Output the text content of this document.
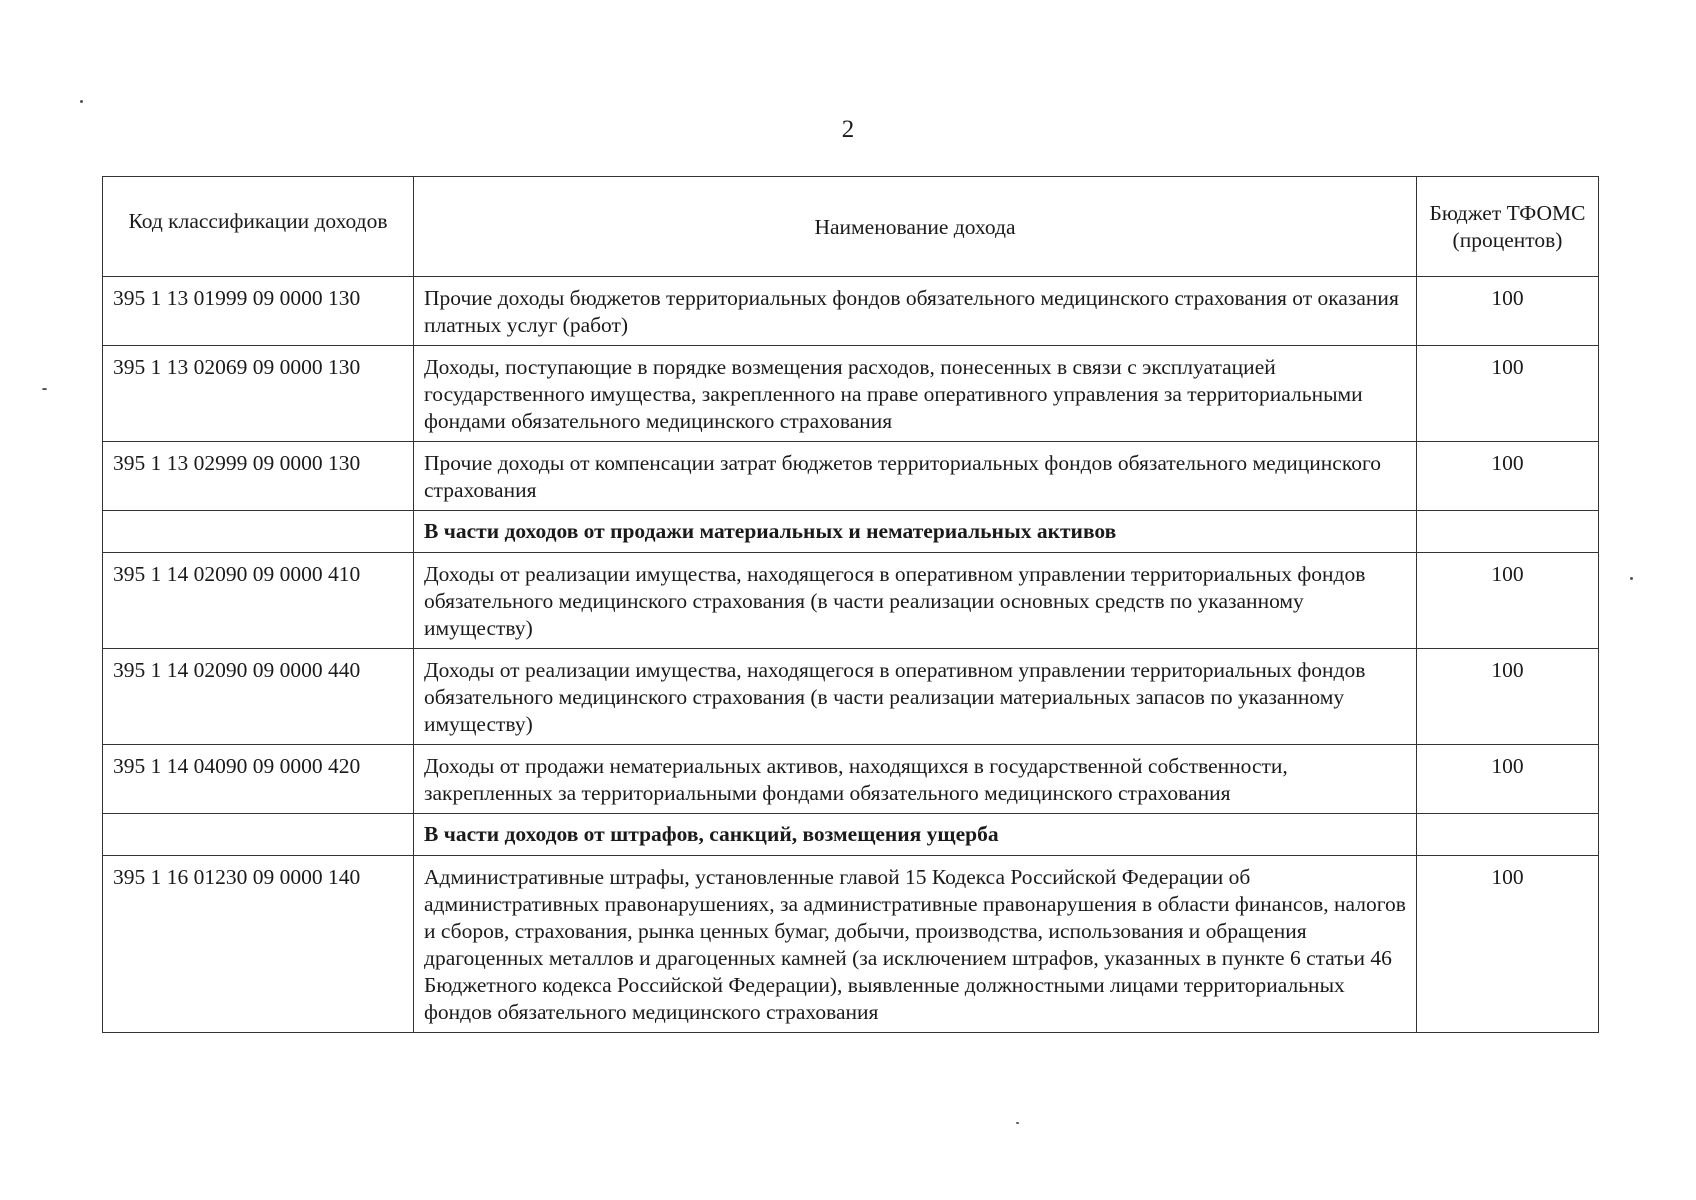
2
Код классификации доходов	Наименование дохода	Бюджет ТФОМС (процентов)
395 1 13 01999 09 0000 130	Прочие доходы бюджетов территориальных фондов обязательного медицинского страхования от оказания платных услуг (работ)	100
395 1 13 02069 09 0000 130	Доходы, поступающие в порядке возмещения расходов, понесенных в связи с эксплуатацией государственного имущества, закрепленного на праве оперативного управления за территориальными фондами обязательного медицинского страхования	100
395 1 13 02999 09 0000 130	Прочие доходы от компенсации затрат бюджетов территориальных фондов обязательного медицинского страхования	100
	В части доходов от продажи материальных и нематериальных активов	
395 1 14 02090 09 0000 410	Доходы от реализации имущества, находящегося в оперативном управлении территориальных фондов обязательного медицинского страхования (в части реализации основных средств по указанному имуществу)	100
395 1 14 02090 09 0000 440	Доходы от реализации имущества, находящегося в оперативном управлении территориальных фондов обязательного медицинского страхования (в части реализации материальных запасов по указанному имуществу)	100
395 1 14 04090 09 0000 420	Доходы от продажи нематериальных активов, находящихся в государственной собственности, закрепленных за территориальными фондами обязательного медицинского страхования	100
	В части доходов от штрафов, санкций, возмещения ущерба	
395 1 16 01230 09 0000 140	Административные штрафы, установленные главой 15 Кодекса Российской Федерации об административных правонарушениях, за административные правонарушения в области финансов, налогов и сборов, страхования, рынка ценных бумаг, добычи, производства, использования и обращения драгоценных металлов и драгоценных камней (за исключением штрафов, указанных в пункте 6 статьи 46 Бюджетного кодекса Российской Федерации), выявленные должностными лицами территориальных фондов обязательного медицинского страхования	100
